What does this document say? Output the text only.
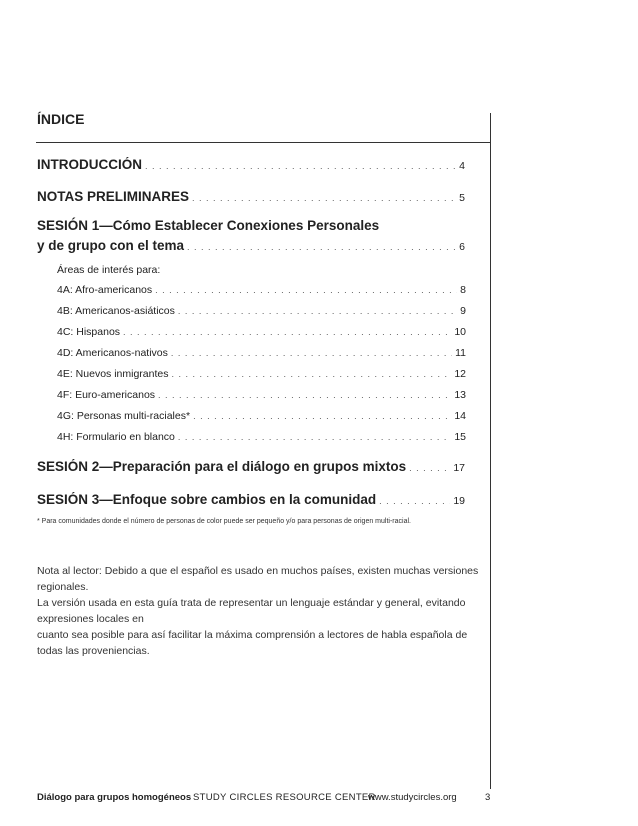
ÍNDICE
INTRODUCCIÓN . . .	4
NOTAS PRELIMINARES . . .	5
SESIÓN 1—Cómo Establecer Conexiones Personales
y de grupo con el tema . . .	6
Áreas de interés para:
4A: Afro-americanos . . .	8
4B: Americanos-asiáticos . . .	9
4C: Hispanos . . .	10
4D: Americanos-nativos . . .	11
4E: Nuevos inmigrantes . . .	12
4F: Euro-americanos . . .	13
4G: Personas multi-raciales* . . .	14
4H: Formulario en blanco . . .	15
SESIÓN 2—Preparación para el diálogo en grupos mixtos . . .	17
SESIÓN 3—Enfoque sobre cambios en la comunidad . . .	19
* Para comunidades donde el número de personas de color puede ser pequeño y/o para personas de origen multi-racial.
Nota al lector: Debido a que el español es usado en muchos países, existen muchas versiones regionales.
La versión usada en esta guía trata de representar un lenguaje estándar y general, evitando expresiones locales en
cuanto sea posible para así facilitar la máxima comprensión a lectores de habla española de todas las proveniencias.
Diálogo para grupos homogéneos STUDY CIRCLES RESOURCE CENTER
www.studycircles.org	3
